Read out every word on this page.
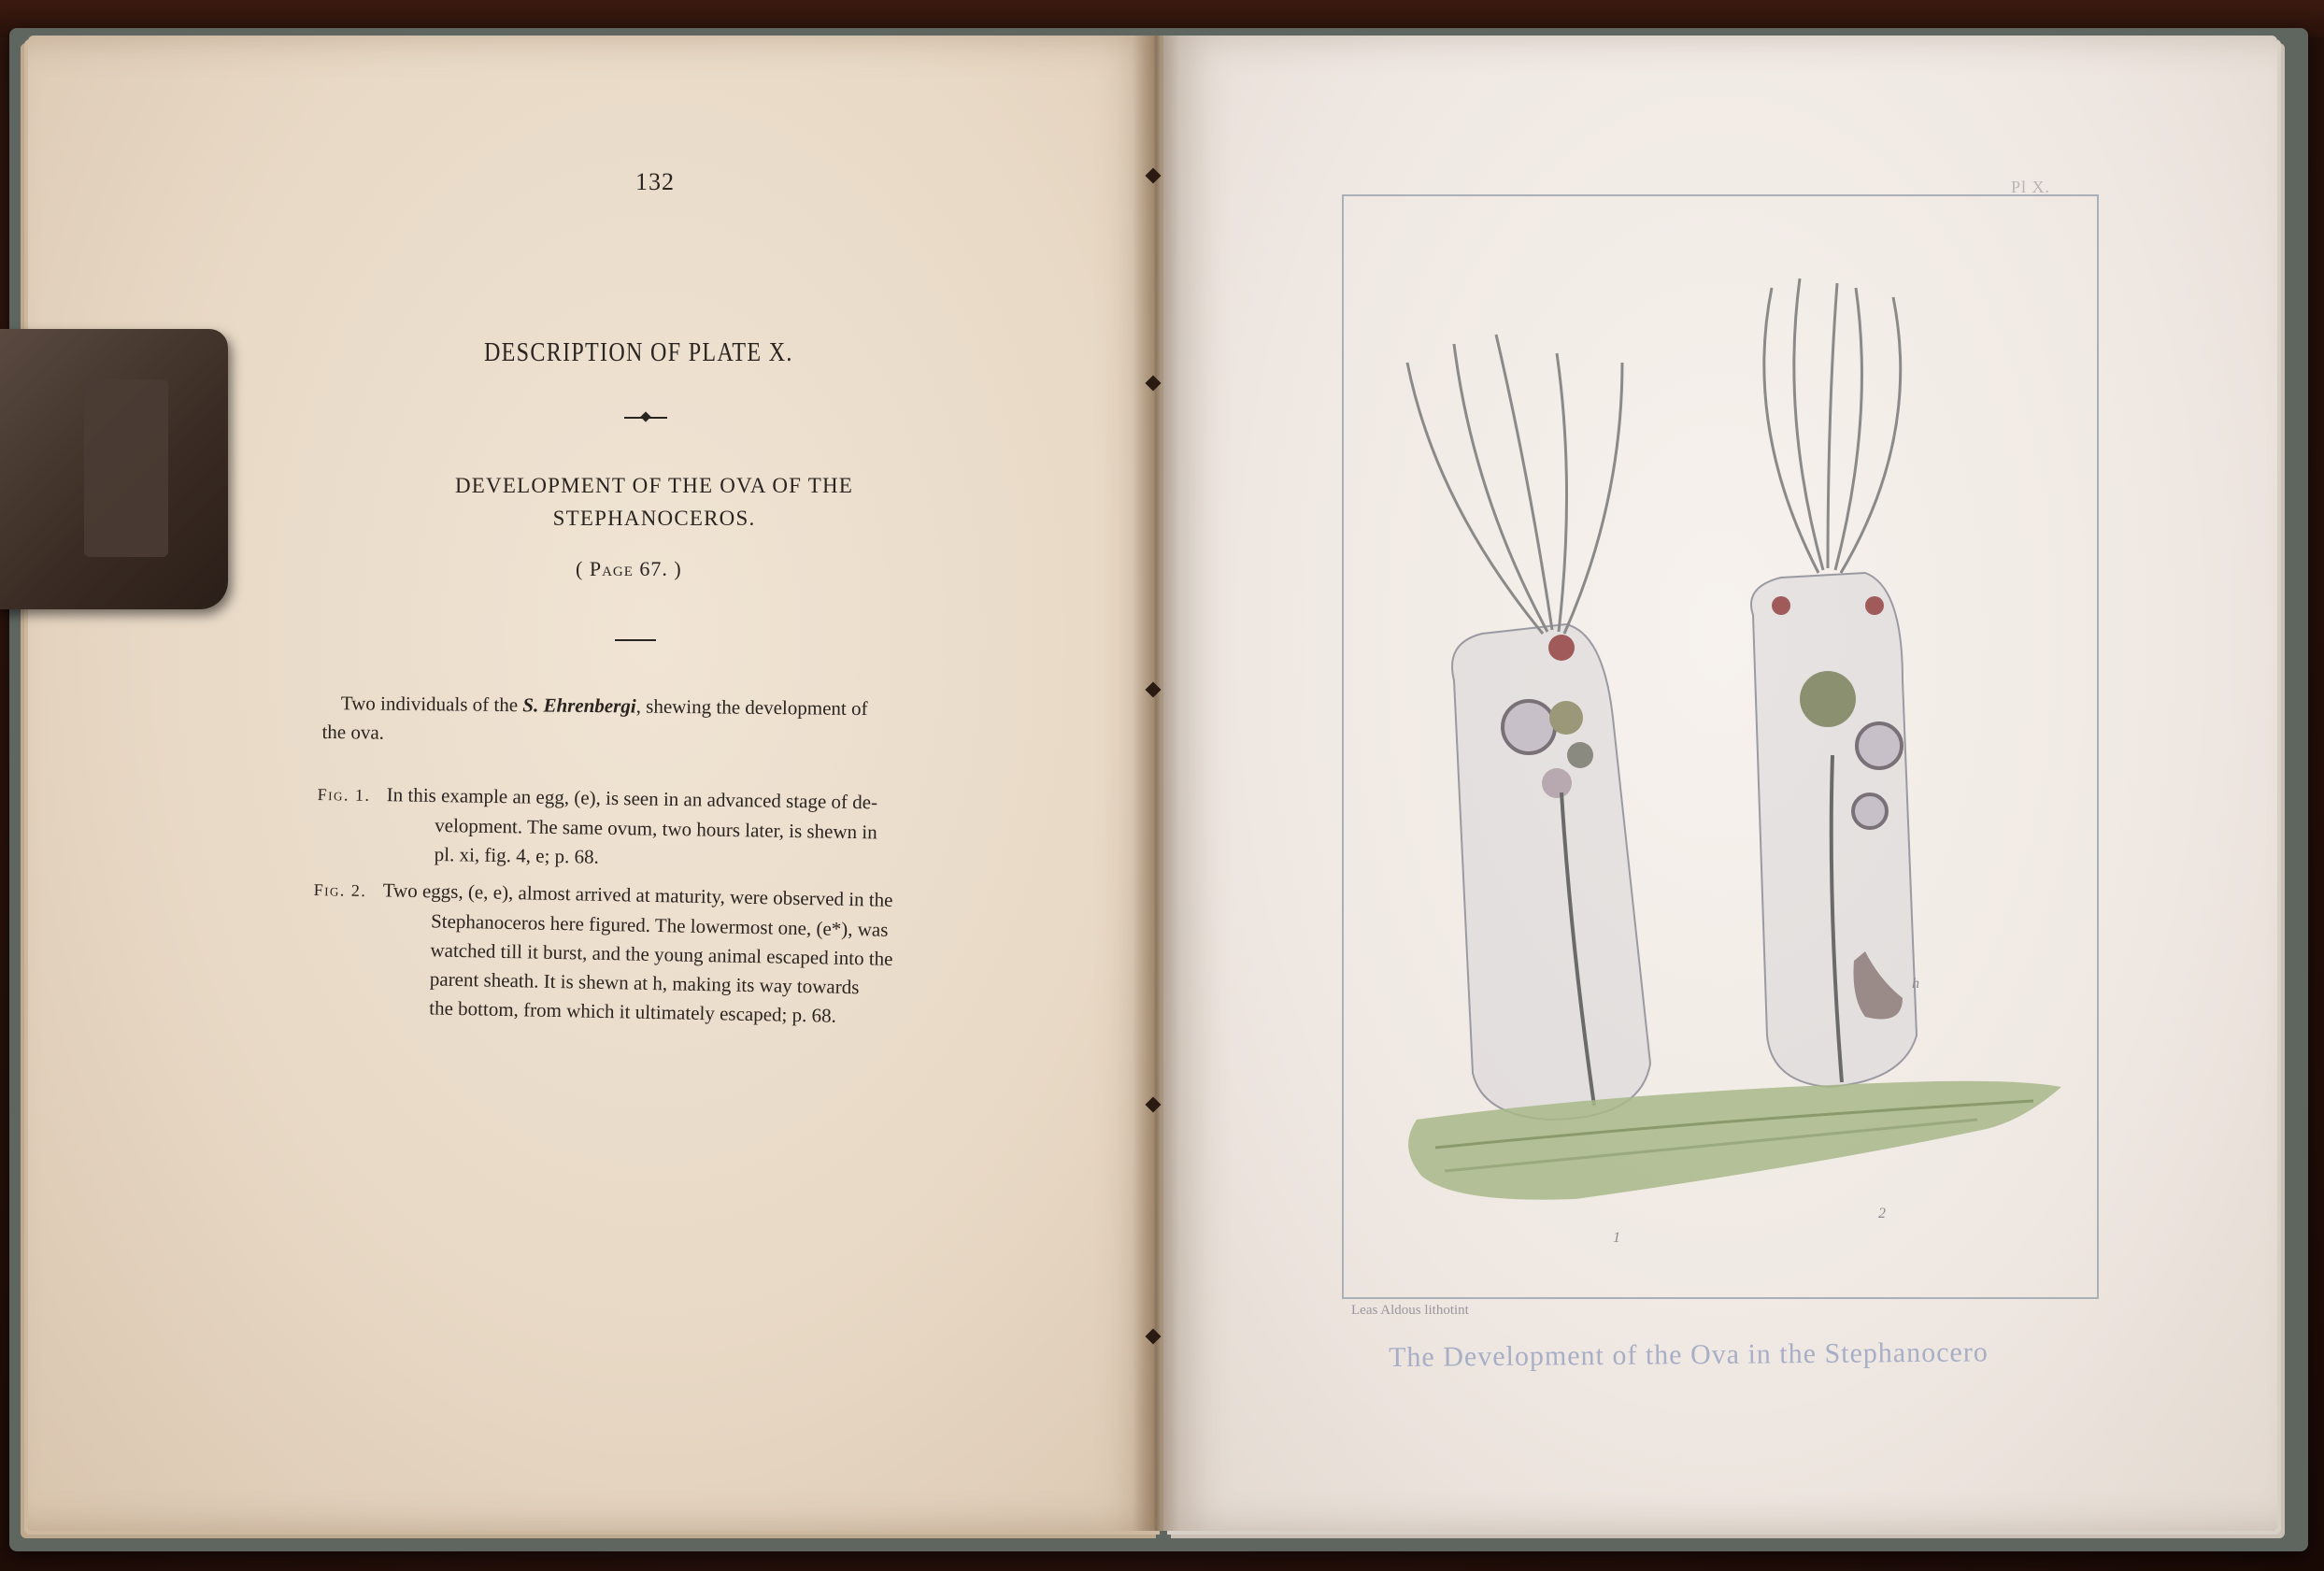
132
DESCRIPTION OF PLATE X.
DEVELOPMENT OF THE OVA OF THE
STEPHANOCEROS.
( Page 67. )
Two individuals of the S. Ehrenbergi, shewing the development of
the ova.
Fig. 1. In this example an egg, (e), is seen in an advanced stage of de-
velopment. The same ovum, two hours later, is shewn in
pl. xi, fig. 4, e; p. 68.
Fig. 2. Two eggs, (e, e), almost arrived at maturity, were observed in the
Stephanoceros here figured. The lowermost one, (e*), was
watched till it burst, and the young animal escaped into the
parent sheath. It is shewn at h, making its way towards
the bottom, from which it ultimately escaped; p. 68.
Pl X.
1
2
h
Leas Aldous lithotint
The Development of the Ova in the Stephanocero
